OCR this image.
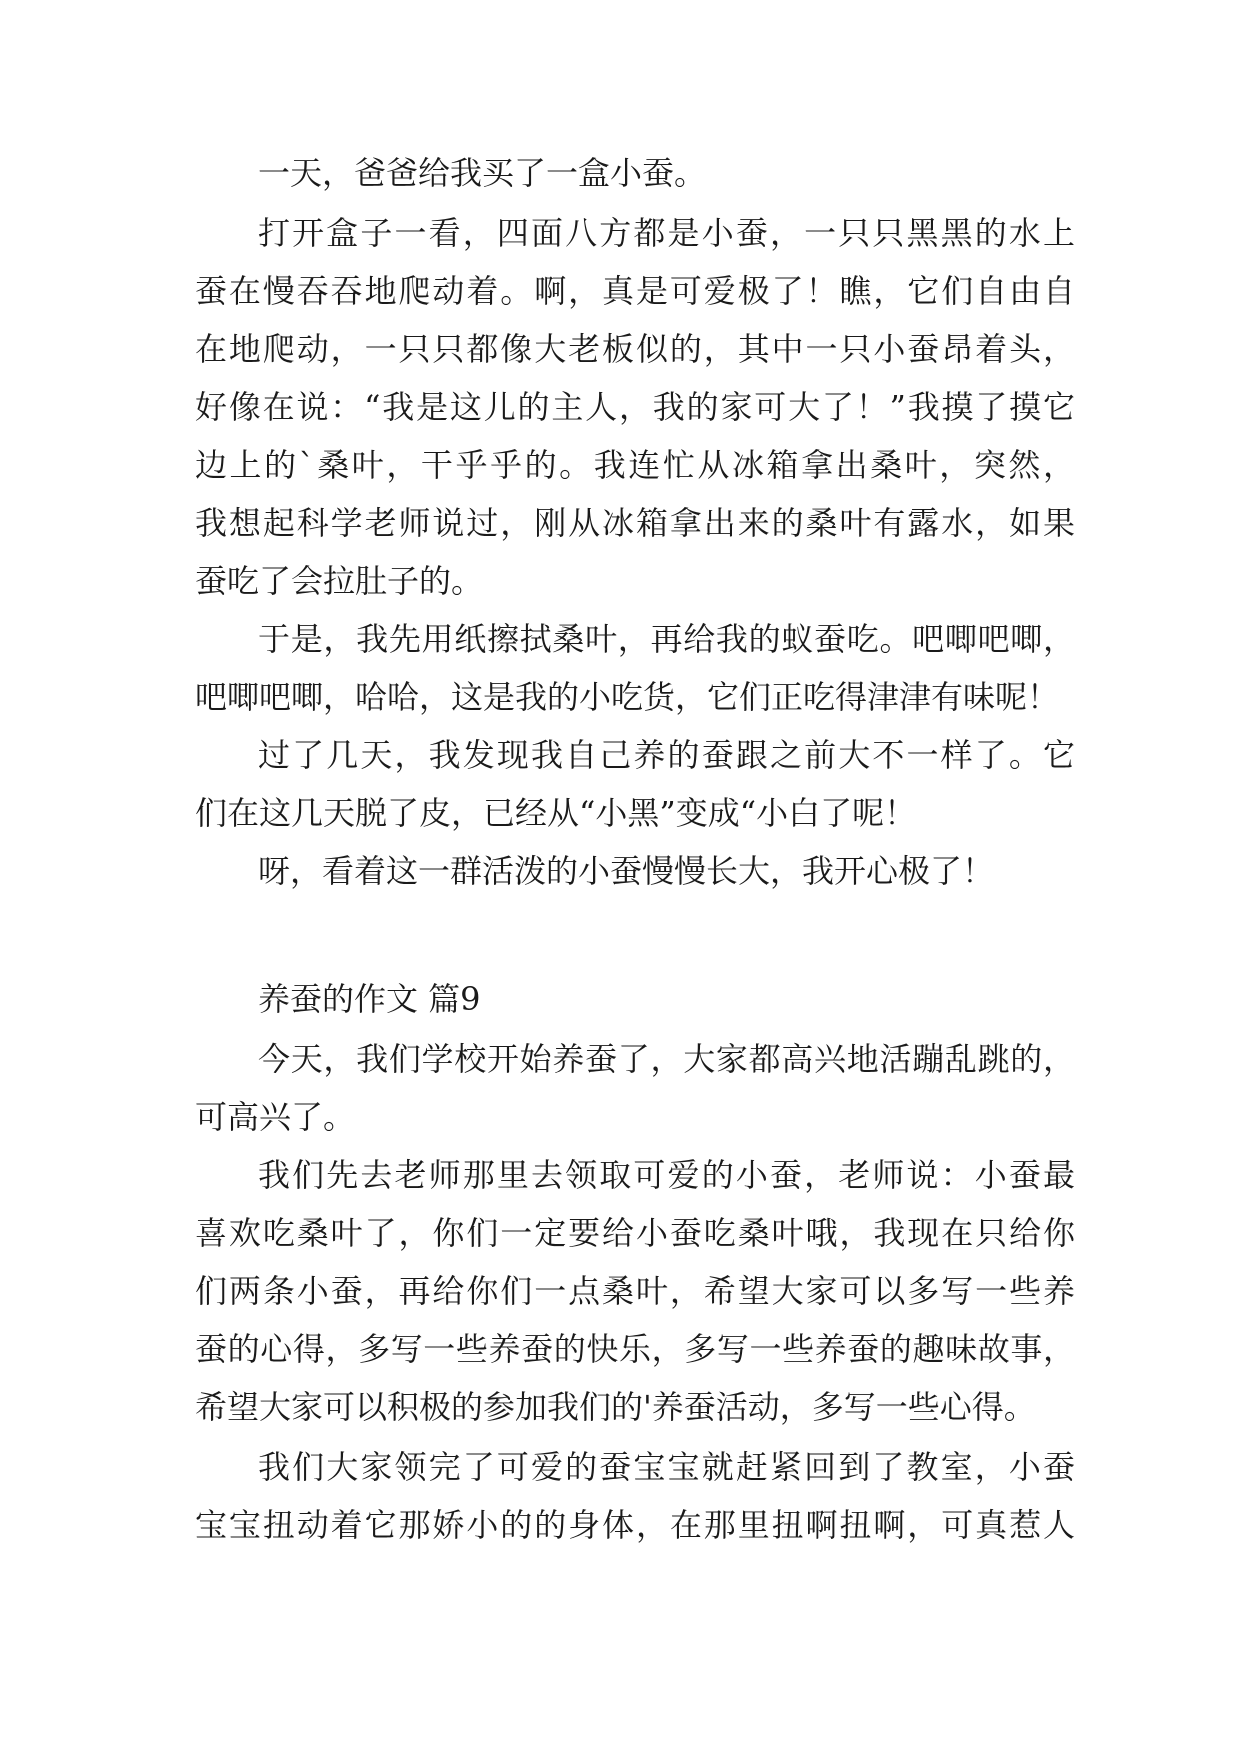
一天，爸爸给我买了一盒小蚕。
打开盒子一看，四面八方都是小蚕，一只只黑黑的水上
蚕在慢吞吞地爬动着。啊，真是可爱极了！瞧，它们自由自
在地爬动，一只只都像大老板似的，其中一只小蚕昂着头，
好像在说：“我是这儿的主人，我的家可大了！”我摸了摸它
边上的`桑叶，干乎乎的。我连忙从冰箱拿出桑叶，突然，
我想起科学老师说过，刚从冰箱拿出来的桑叶有露水，如果
蚕吃了会拉肚子的。
于是，我先用纸擦拭桑叶，再给我的蚁蚕吃。吧唧吧唧，
吧唧吧唧，哈哈，这是我的小吃货，它们正吃得津津有味呢！
过了几天，我发现我自己养的蚕跟之前大不一样了。它
们在这几天脱了皮，已经从“小黑”变成“小白了呢！
呀，看着这一群活泼的小蚕慢慢长大，我开心极了！
养蚕的作文 篇9
今天，我们学校开始养蚕了，大家都高兴地活蹦乱跳的，
可高兴了。
我们先去老师那里去领取可爱的小蚕，老师说：小蚕最
喜欢吃桑叶了，你们一定要给小蚕吃桑叶哦，我现在只给你
们两条小蚕，再给你们一点桑叶，希望大家可以多写一些养
蚕的心得，多写一些养蚕的快乐，多写一些养蚕的趣味故事，
希望大家可以积极的参加我们的'养蚕活动，多写一些心得。
我们大家领完了可爱的蚕宝宝就赶紧回到了教室，小蚕
宝宝扭动着它那娇小的的身体，在那里扭啊扭啊，可真惹人
